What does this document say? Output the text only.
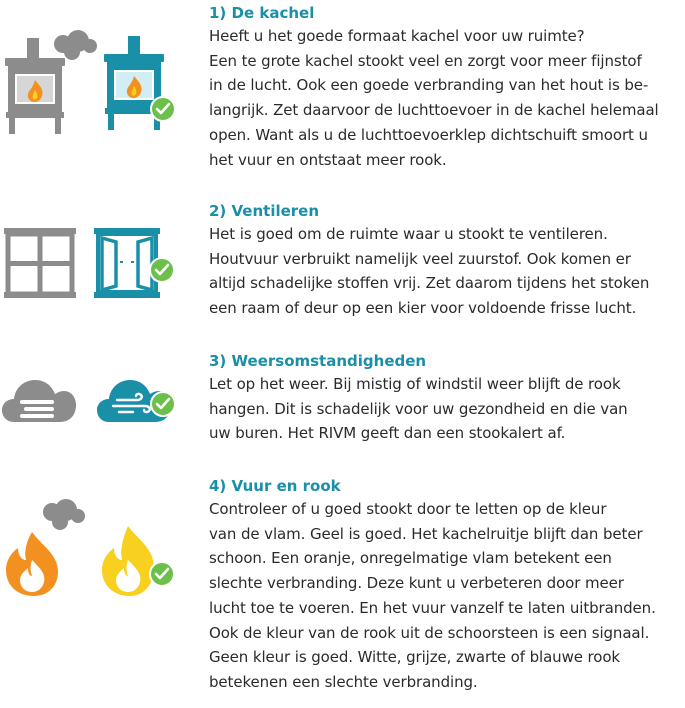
1) De kachel

Heeft u het goede formaat kachel voor uw ruimte?

Een te grote kachel stookt veel en zorgt voor meer fijnstof

in de lucht. Ook een goede verbranding van het hout is be-

langrijk. Zet daarvoor de luchttoevoer in de kachel helemaal

open. Want als u de luchttoevoerklep dichtschuift smoort u

het vuur en ontstaat meer rook.

2) Ventileren

Het is goed om de ruimte waar u stookt te ventileren.

Houtvuur verbruikt namelijk veel zuurstof. Ook komen er

altijd schadelijke stoffen vrij. Zet daarom tijdens het stoken

een raam of deur op een kier voor voldoende frisse lucht.

3) Weersomstandigheden

Let op het weer. Bij mistig of windstil weer blijft de rook

hangen. Dit is schadelijk voor uw gezondheid en die van

uw buren. Het RIVM geeft dan een stookalert af.

4) Vuur en rook

Controleer of u goed stookt door te letten op de kleur

van de vlam. Geel is goed. Het kachelruitje blijft dan beter

schoon. Een oranje, onregelmatige vlam betekent een

slechte verbranding. Deze kunt u verbeteren door meer

lucht toe te voeren. En het vuur vanzelf te laten uitbranden.

Ook de kleur van de rook uit de schoorsteen is een signaal.

Geen kleur is goed. Witte, grijze, zwarte of blauwe rook

betekenen een slechte verbranding.
